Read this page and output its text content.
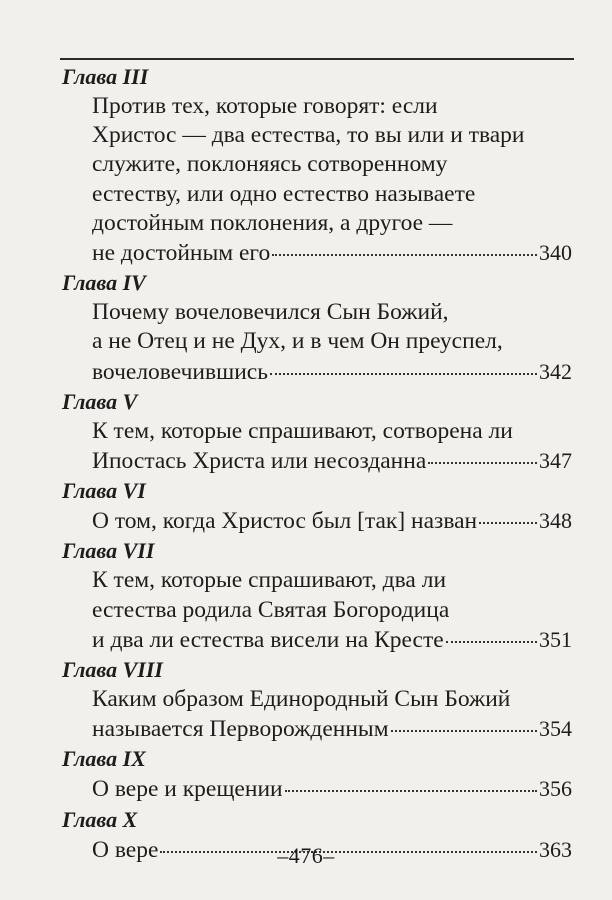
Глава III
Против тех, которые говорят: если
Христос — два естества, то вы или и твари
служите, поклоняясь сотворенному
естеству, или одно естество называете
достойным поклонения, а другое —
не достойным его	340
Глава IV
Почему вочеловечился Сын Божий,
а не Отец и не Дух, и в чем Он преуспел,
вочеловечившись	342
Глава V
К тем, которые спрашивают, сотворена ли
Ипостась Христа или несозданна	347
Глава VI
О том, когда Христос был [так] назван	348
Глава VII
К тем, которые спрашивают, два ли
естества родила Святая Богородица
и два ли естества висели на Кресте	351
Глава VIII
Каким образом Единородный Сын Божий
называется Перворожденным	354
Глава IX
О вере и крещении	356
Глава X
О вере	363
–476–
